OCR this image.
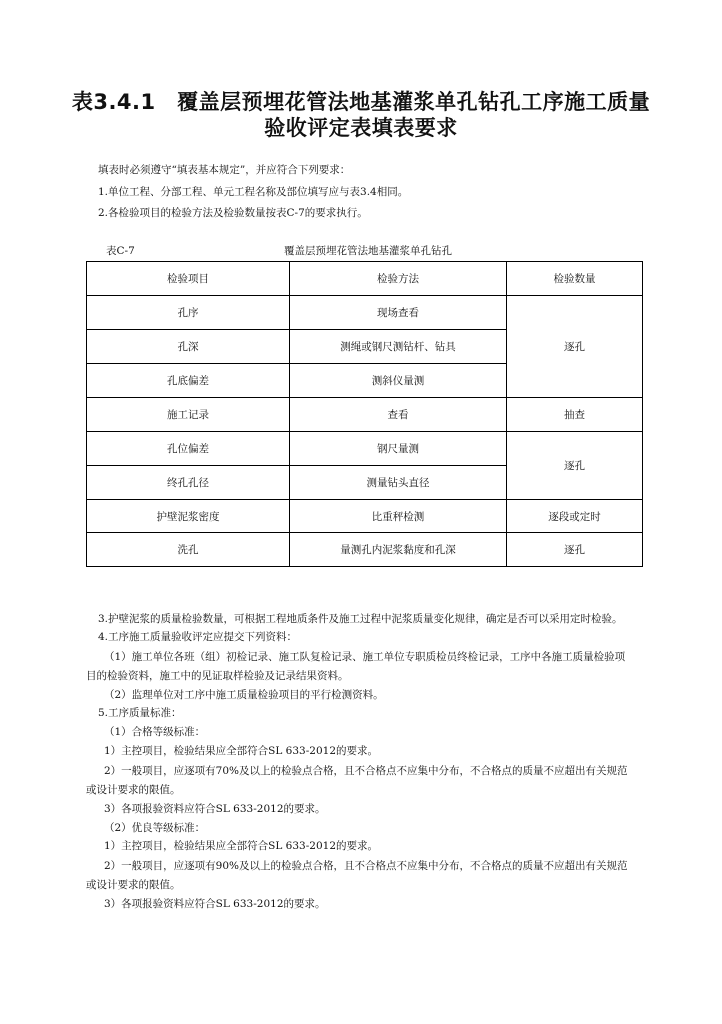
表3.4.1　覆盖层预埋花管法地基灌浆单孔钻孔工序施工质量
验收评定表填表要求
填表时必须遵守“填表基本规定”，并应符合下列要求：
1.单位工程、分部工程、单元工程名称及部位填写应与表3.4相同。
2.各检验项目的检验方法及检验数量按表C-7的要求执行。
表C-7	覆盖层预埋花管法地基灌浆单孔钻孔
检验项目	检验方法	检验数量
孔序	现场查看	逐孔
孔深	测绳或钢尺测钻杆、钻具	
孔底偏差	测斜仪量测	
施工记录	查看	抽查
孔位偏差	钢尺量测	逐孔
终孔孔径	测量钻头直径	
护壁泥浆密度	比重秤检测	逐段或定时
洗孔	量测孔内泥浆黏度和孔深	逐孔
3.护壁泥浆的质量检验数量，可根据工程地质条件及施工过程中泥浆质量变化规律，确定是否可以采用定时检验。
4.工序施工质量验收评定应提交下列资料：
（1）施工单位各班（组）初检记录、施工队复检记录、施工单位专职质检员终检记录，工序中各施工质量检验项
目的检验资料，施工中的见证取样检验及记录结果资料。
（2）监理单位对工序中施工质量检验项目的平行检测资料。
5.工序质量标准：
（1）合格等级标准：
1）主控项目，检验结果应全部符合SL 633-2012的要求。
2）一般项目，应逐项有70%及以上的检验点合格，且不合格点不应集中分布，不合格点的质量不应超出有关规范
或设计要求的限值。
3）各项报验资料应符合SL 633-2012的要求。
（2）优良等级标准：
1）主控项目，检验结果应全部符合SL 633-2012的要求。
2）一般项目，应逐项有90%及以上的检验点合格，且不合格点不应集中分布，不合格点的质量不应超出有关规范
或设计要求的限值。
3）各项报验资料应符合SL 633-2012的要求。
